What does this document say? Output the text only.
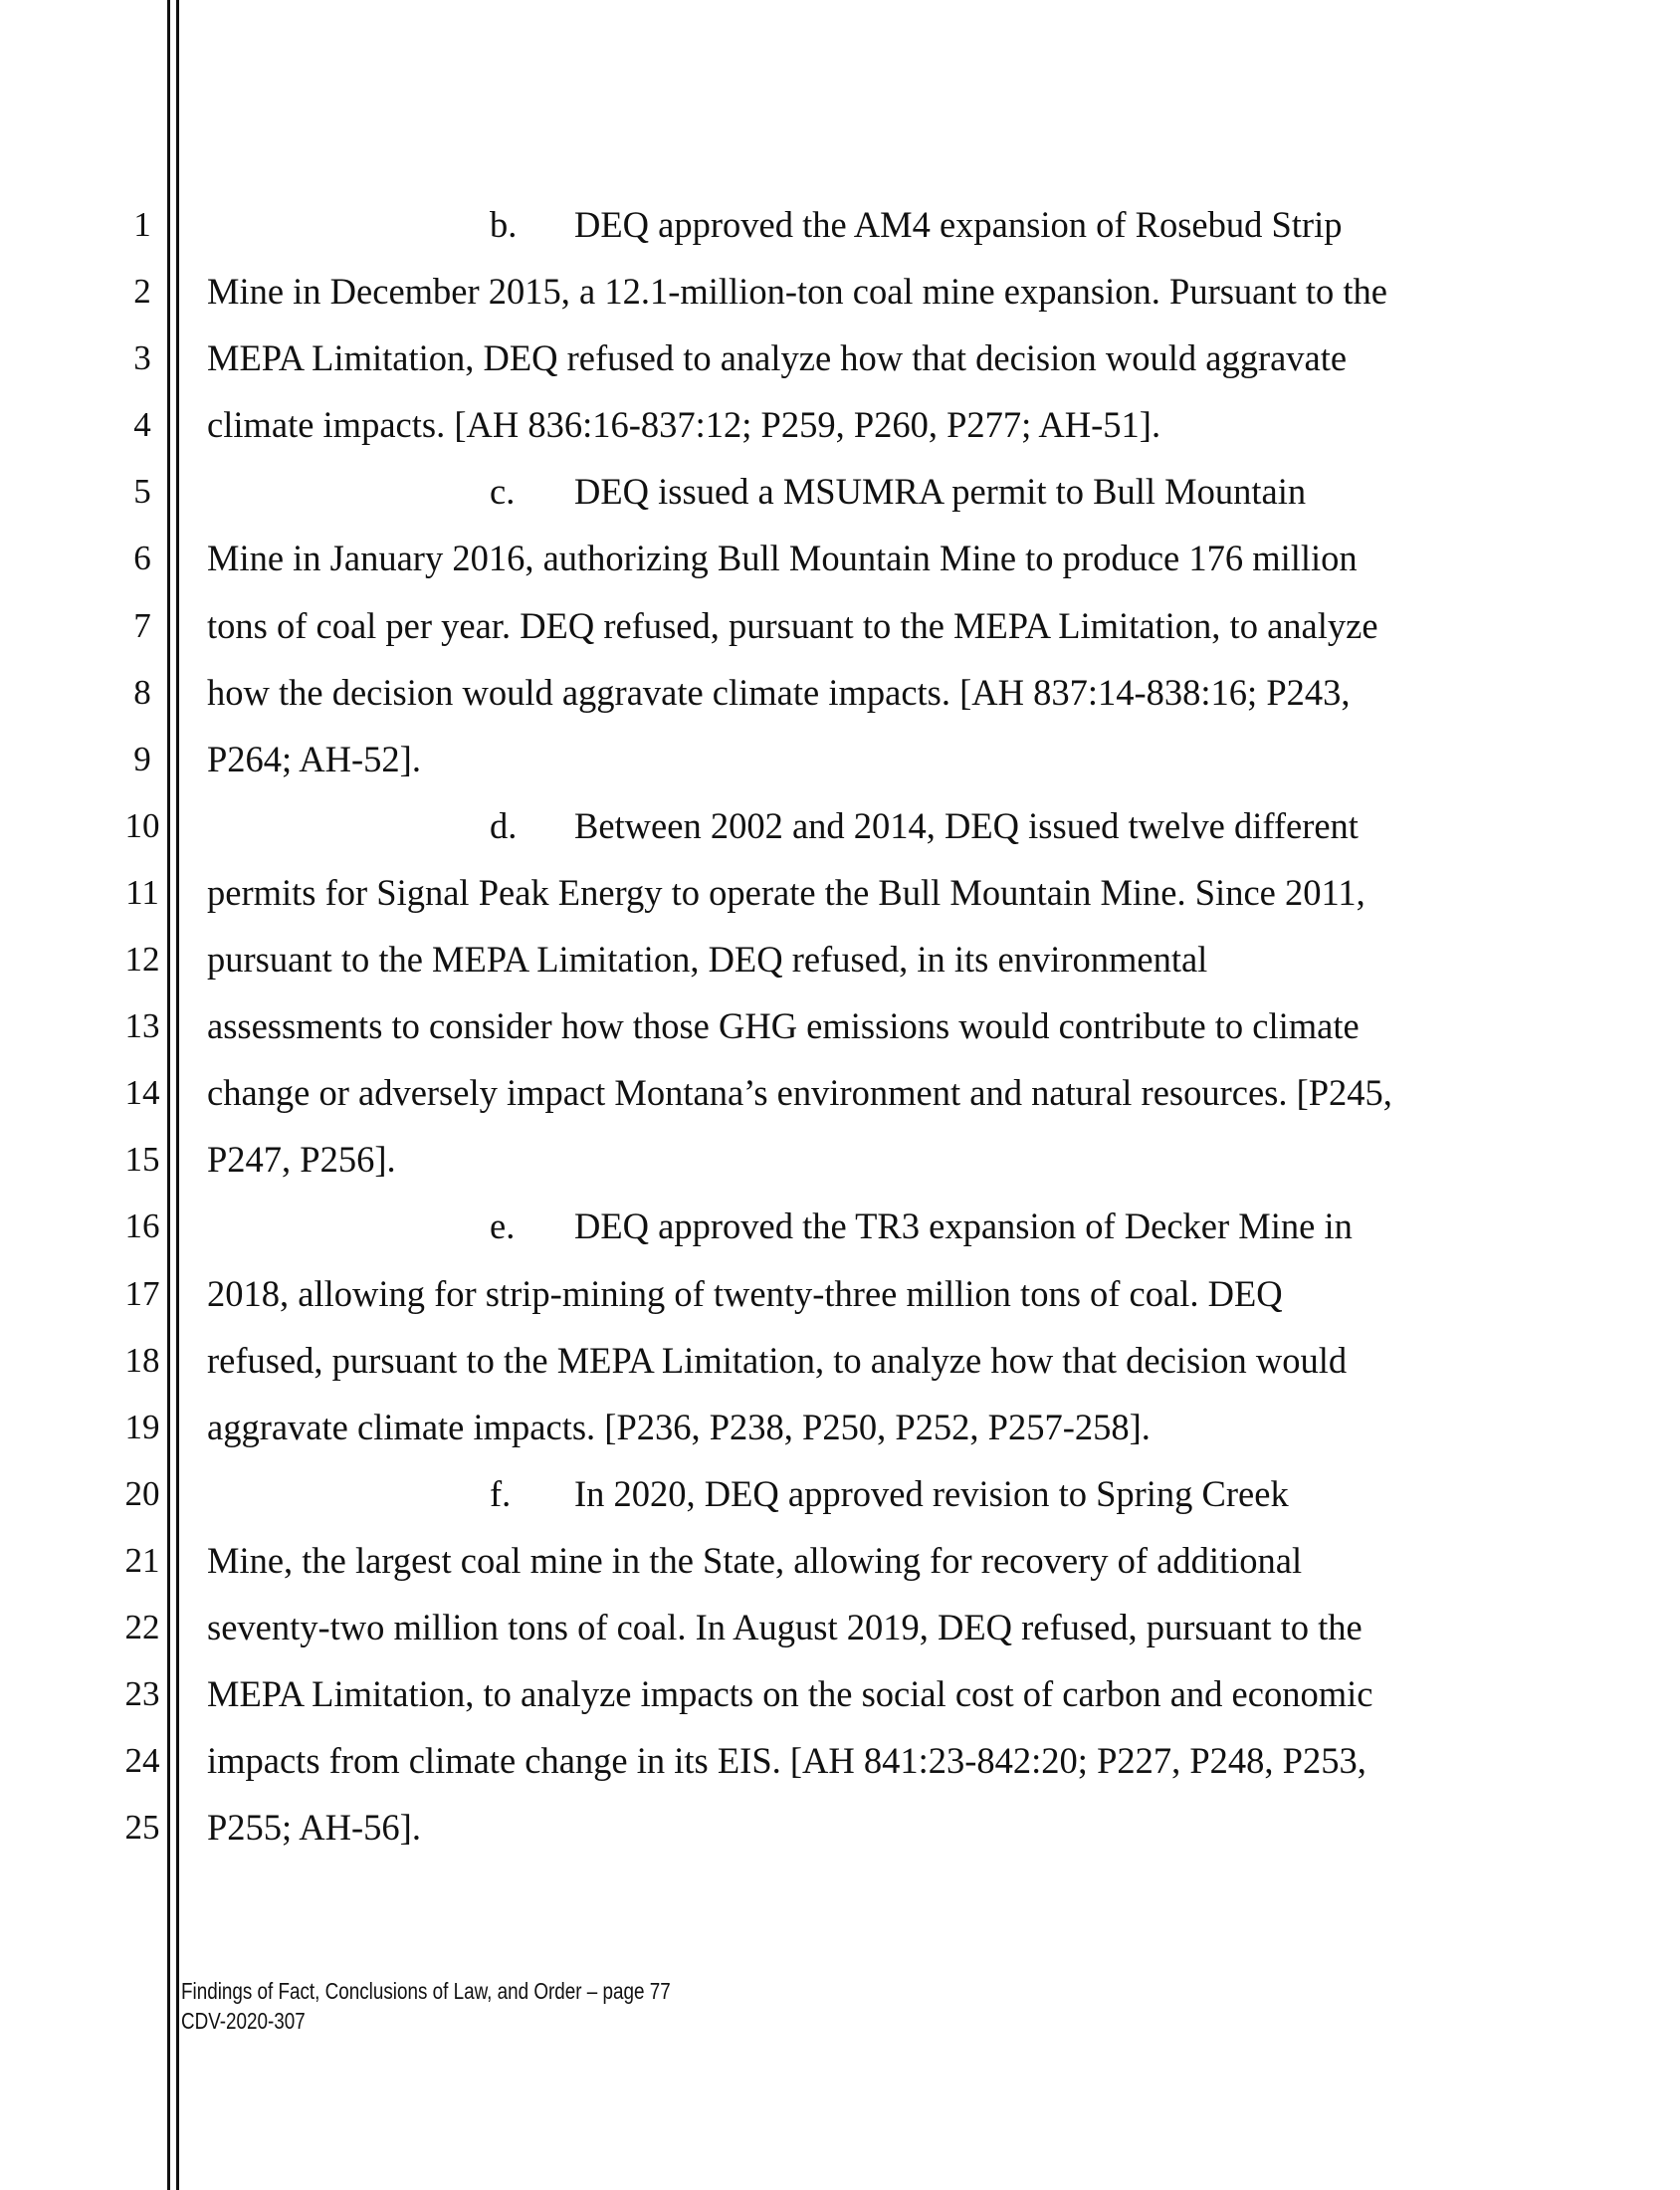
1
2
3
4
5
6
7
8
9
10
11
12
13
14
15
16
17
18
19
20
21
22
23
24
25
b. DEQ approved the AM4 expansion of Rosebud Strip
Mine in December 2015, a 12.1-million-ton coal mine expansion. Pursuant to the
MEPA Limitation, DEQ refused to analyze how that decision would aggravate
climate impacts. [AH 836:16-837:12; P259, P260, P277; AH-51].
c. DEQ issued a MSUMRA permit to Bull Mountain
Mine in January 2016, authorizing Bull Mountain Mine to produce 176 million
tons of coal per year. DEQ refused, pursuant to the MEPA Limitation, to analyze
how the decision would aggravate climate impacts. [AH 837:14-838:16; P243,
P264; AH-52].
d. Between 2002 and 2014, DEQ issued twelve different
permits for Signal Peak Energy to operate the Bull Mountain Mine. Since 2011,
pursuant to the MEPA Limitation, DEQ refused, in its environmental
assessments to consider how those GHG emissions would contribute to climate
change or adversely impact Montana’s environment and natural resources. [P245,
P247, P256].
e. DEQ approved the TR3 expansion of Decker Mine in
2018, allowing for strip-mining of twenty-three million tons of coal. DEQ
refused, pursuant to the MEPA Limitation, to analyze how that decision would
aggravate climate impacts. [P236, P238, P250, P252, P257-258].
f. In 2020, DEQ approved revision to Spring Creek
Mine, the largest coal mine in the State, allowing for recovery of additional
seventy-two million tons of coal. In August 2019, DEQ refused, pursuant to the
MEPA Limitation, to analyze impacts on the social cost of carbon and economic
impacts from climate change in its EIS. [AH 841:23-842:20; P227, P248, P253,
P255; AH-56].
Findings of Fact, Conclusions of Law, and Order – page 77
CDV-2020-307
